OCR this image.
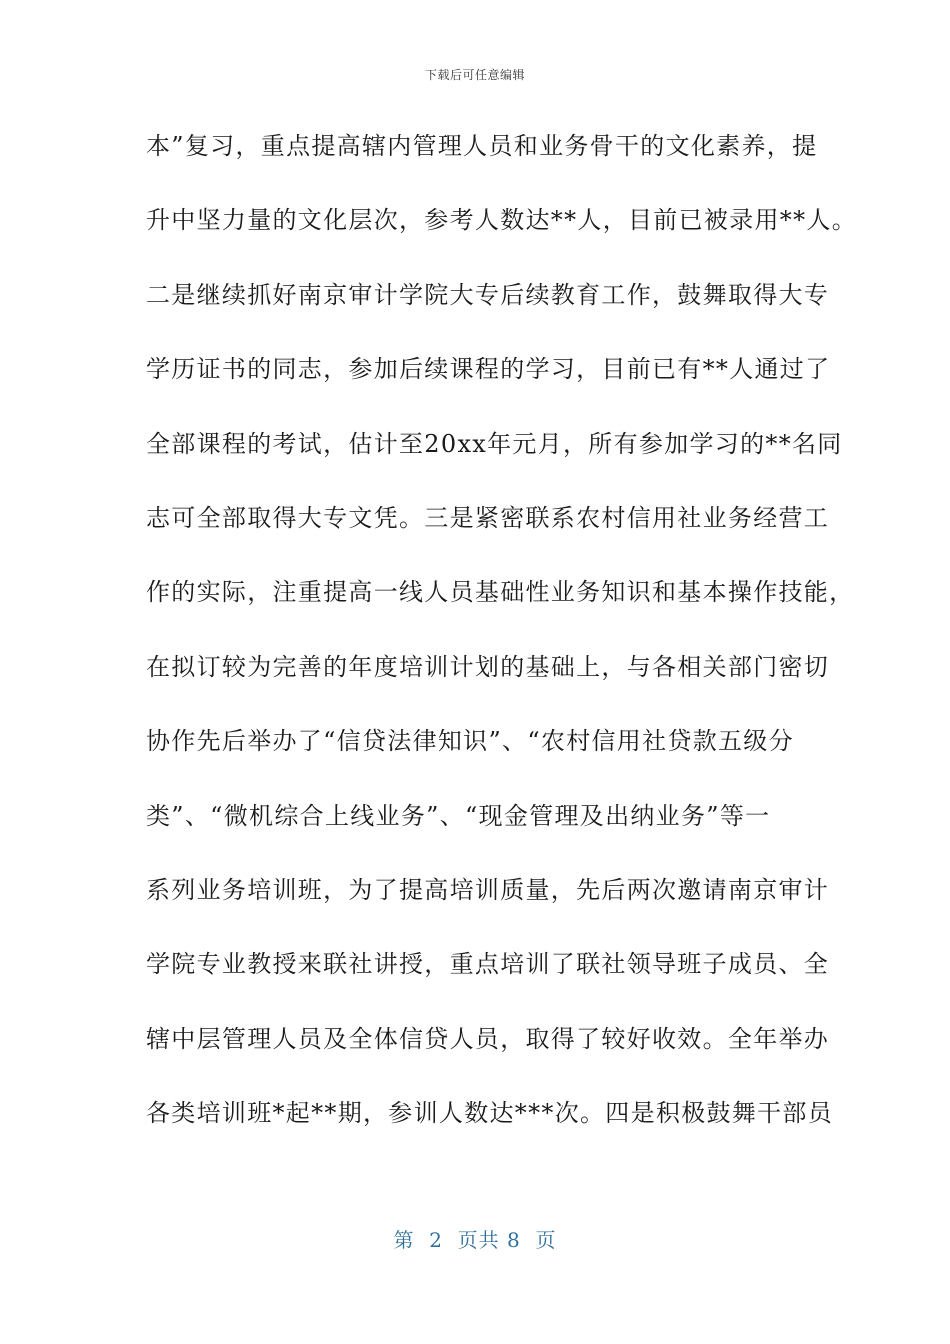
下载后可任意编辑
本”复习，重点提高辖内管理人员和业务骨干的文化素养，提
升中坚力量的文化层次，参考人数达**人，目前已被录用**人。
二是继续抓好南京审计学院大专后续教育工作，鼓舞取得大专
学历证书的同志，参加后续课程的学习，目前已有**人通过了
全部课程的考试，估计至20xx年元月，所有参加学习的**名同
志可全部取得大专文凭。三是紧密联系农村信用社业务经营工
作的实际，注重提高一线人员基础性业务知识和基本操作技能，
在拟订较为完善的年度培训计划的基础上，与各相关部门密切
协作先后举办了“信贷法律知识”、“农村信用社贷款五级分
类”、“微机综合上线业务”、“现金管理及出纳业务”等一
系列业务培训班，为了提高培训质量，先后两次邀请南京审计
学院专业教授来联社讲授，重点培训了联社领导班子成员、全
辖中层管理人员及全体信贷人员，取得了较好收效。全年举办
各类培训班*起**期，参训人数达***次。四是积极鼓舞干部员
第  2  页共 8  页
